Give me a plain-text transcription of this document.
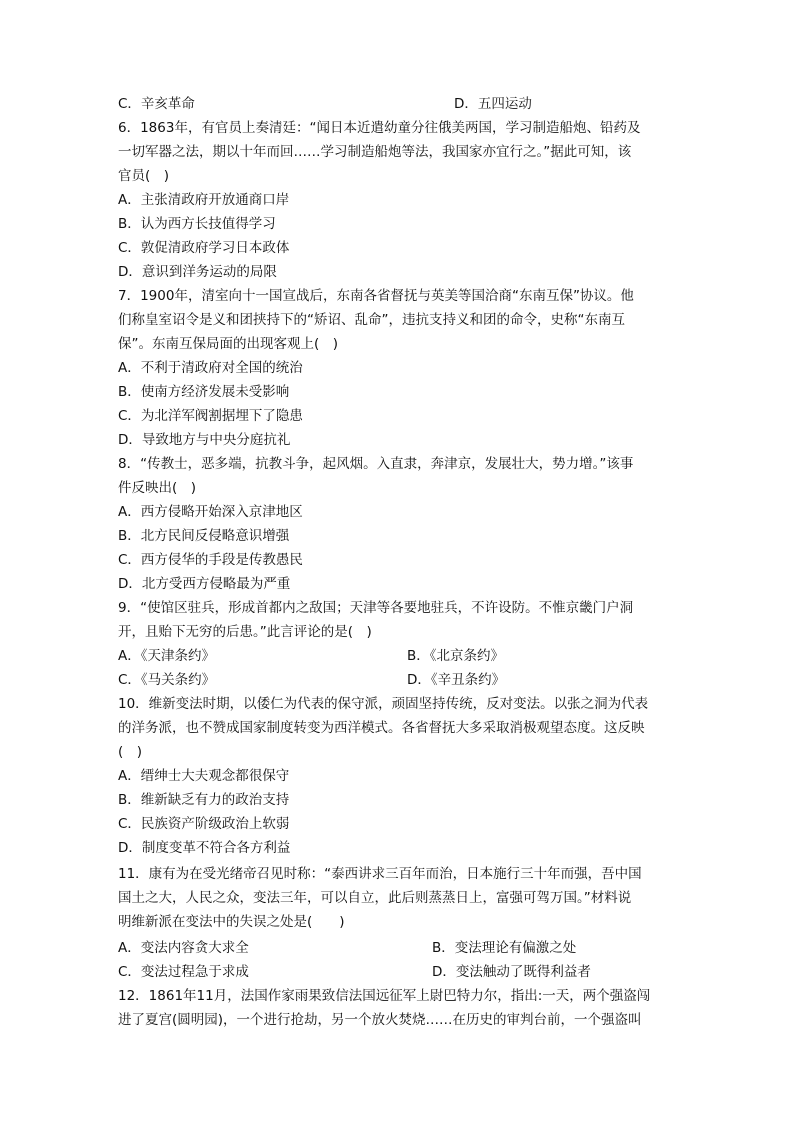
C．辛亥革命
6．1863年，有官员上奏清廷：“闻日本近遣幼童分往俄美两国，学习制造船炮、铅药及
一切军器之法，期以十年而回……学习制造船炮等法，我国家亦宜行之。”据此可知，该
官员(　)
A．主张清政府开放通商口岸
B．认为西方长技值得学习
C．敦促清政府学习日本政体
D．意识到洋务运动的局限
7．1900年，清室向十一国宣战后，东南各省督抚与英美等国洽商“东南互保”协议。他
们称皇室诏令是义和团挟持下的“矫诏、乱命”，违抗支持义和团的命令，史称“东南互
保”。东南互保局面的出现客观上(　)
A．不利于清政府对全国的统治
B．使南方经济发展未受影响
C．为北洋军阀割据埋下了隐患
D．导致地方与中央分庭抗礼
8．“传教士，恶多端，抗教斗争，起风烟。入直隶，奔津京，发展壮大，势力增。”该事
件反映出(　)
A．西方侵略开始深入京津地区
B．北方民间反侵略意识增强
C．西方侵华的手段是传教愚民
D．北方受西方侵略最为严重
9．“使馆区驻兵，形成首都内之敌国；天津等各要地驻兵，不许设防。不惟京畿门户洞
开，且贻下无穷的后患。”此言评论的是(　)
A．《天津条约》
C．《马关条约》
10．维新变法时期，以倭仁为代表的保守派，顽固坚持传统，反对变法。以张之洞为代表
的洋务派，也不赞成国家制度转变为西洋模式。各省督抚大多采取消极观望态度。这反映
(　)
A．缙绅士大夫观念都很保守
B．维新缺乏有力的政治支持
C．民族资产阶级政治上软弱
D．制度变革不符合各方利益
11．康有为在受光绪帝召见时称：“泰西讲求三百年而治，日本施行三十年而强，吾中国
国土之大，人民之众，变法三年，可以自立，此后则蒸蒸日上，富强可驾万国。”材料说
明维新派在变法中的失误之处是(　　)
A．变法内容贪大求全
C．变法过程急于求成
12．1861年11月，法国作家雨果致信法国远征军上尉巴特力尔，指出:一天，两个强盗闯
进了夏宫(圆明园)，一个进行抢劫，另一个放火焚烧……在历史的审判台前，一个强盗叫
D．五四运动
B．《北京条约》
D．《辛丑条约》
B．变法理论有偏激之处
D．变法触动了既得利益者
